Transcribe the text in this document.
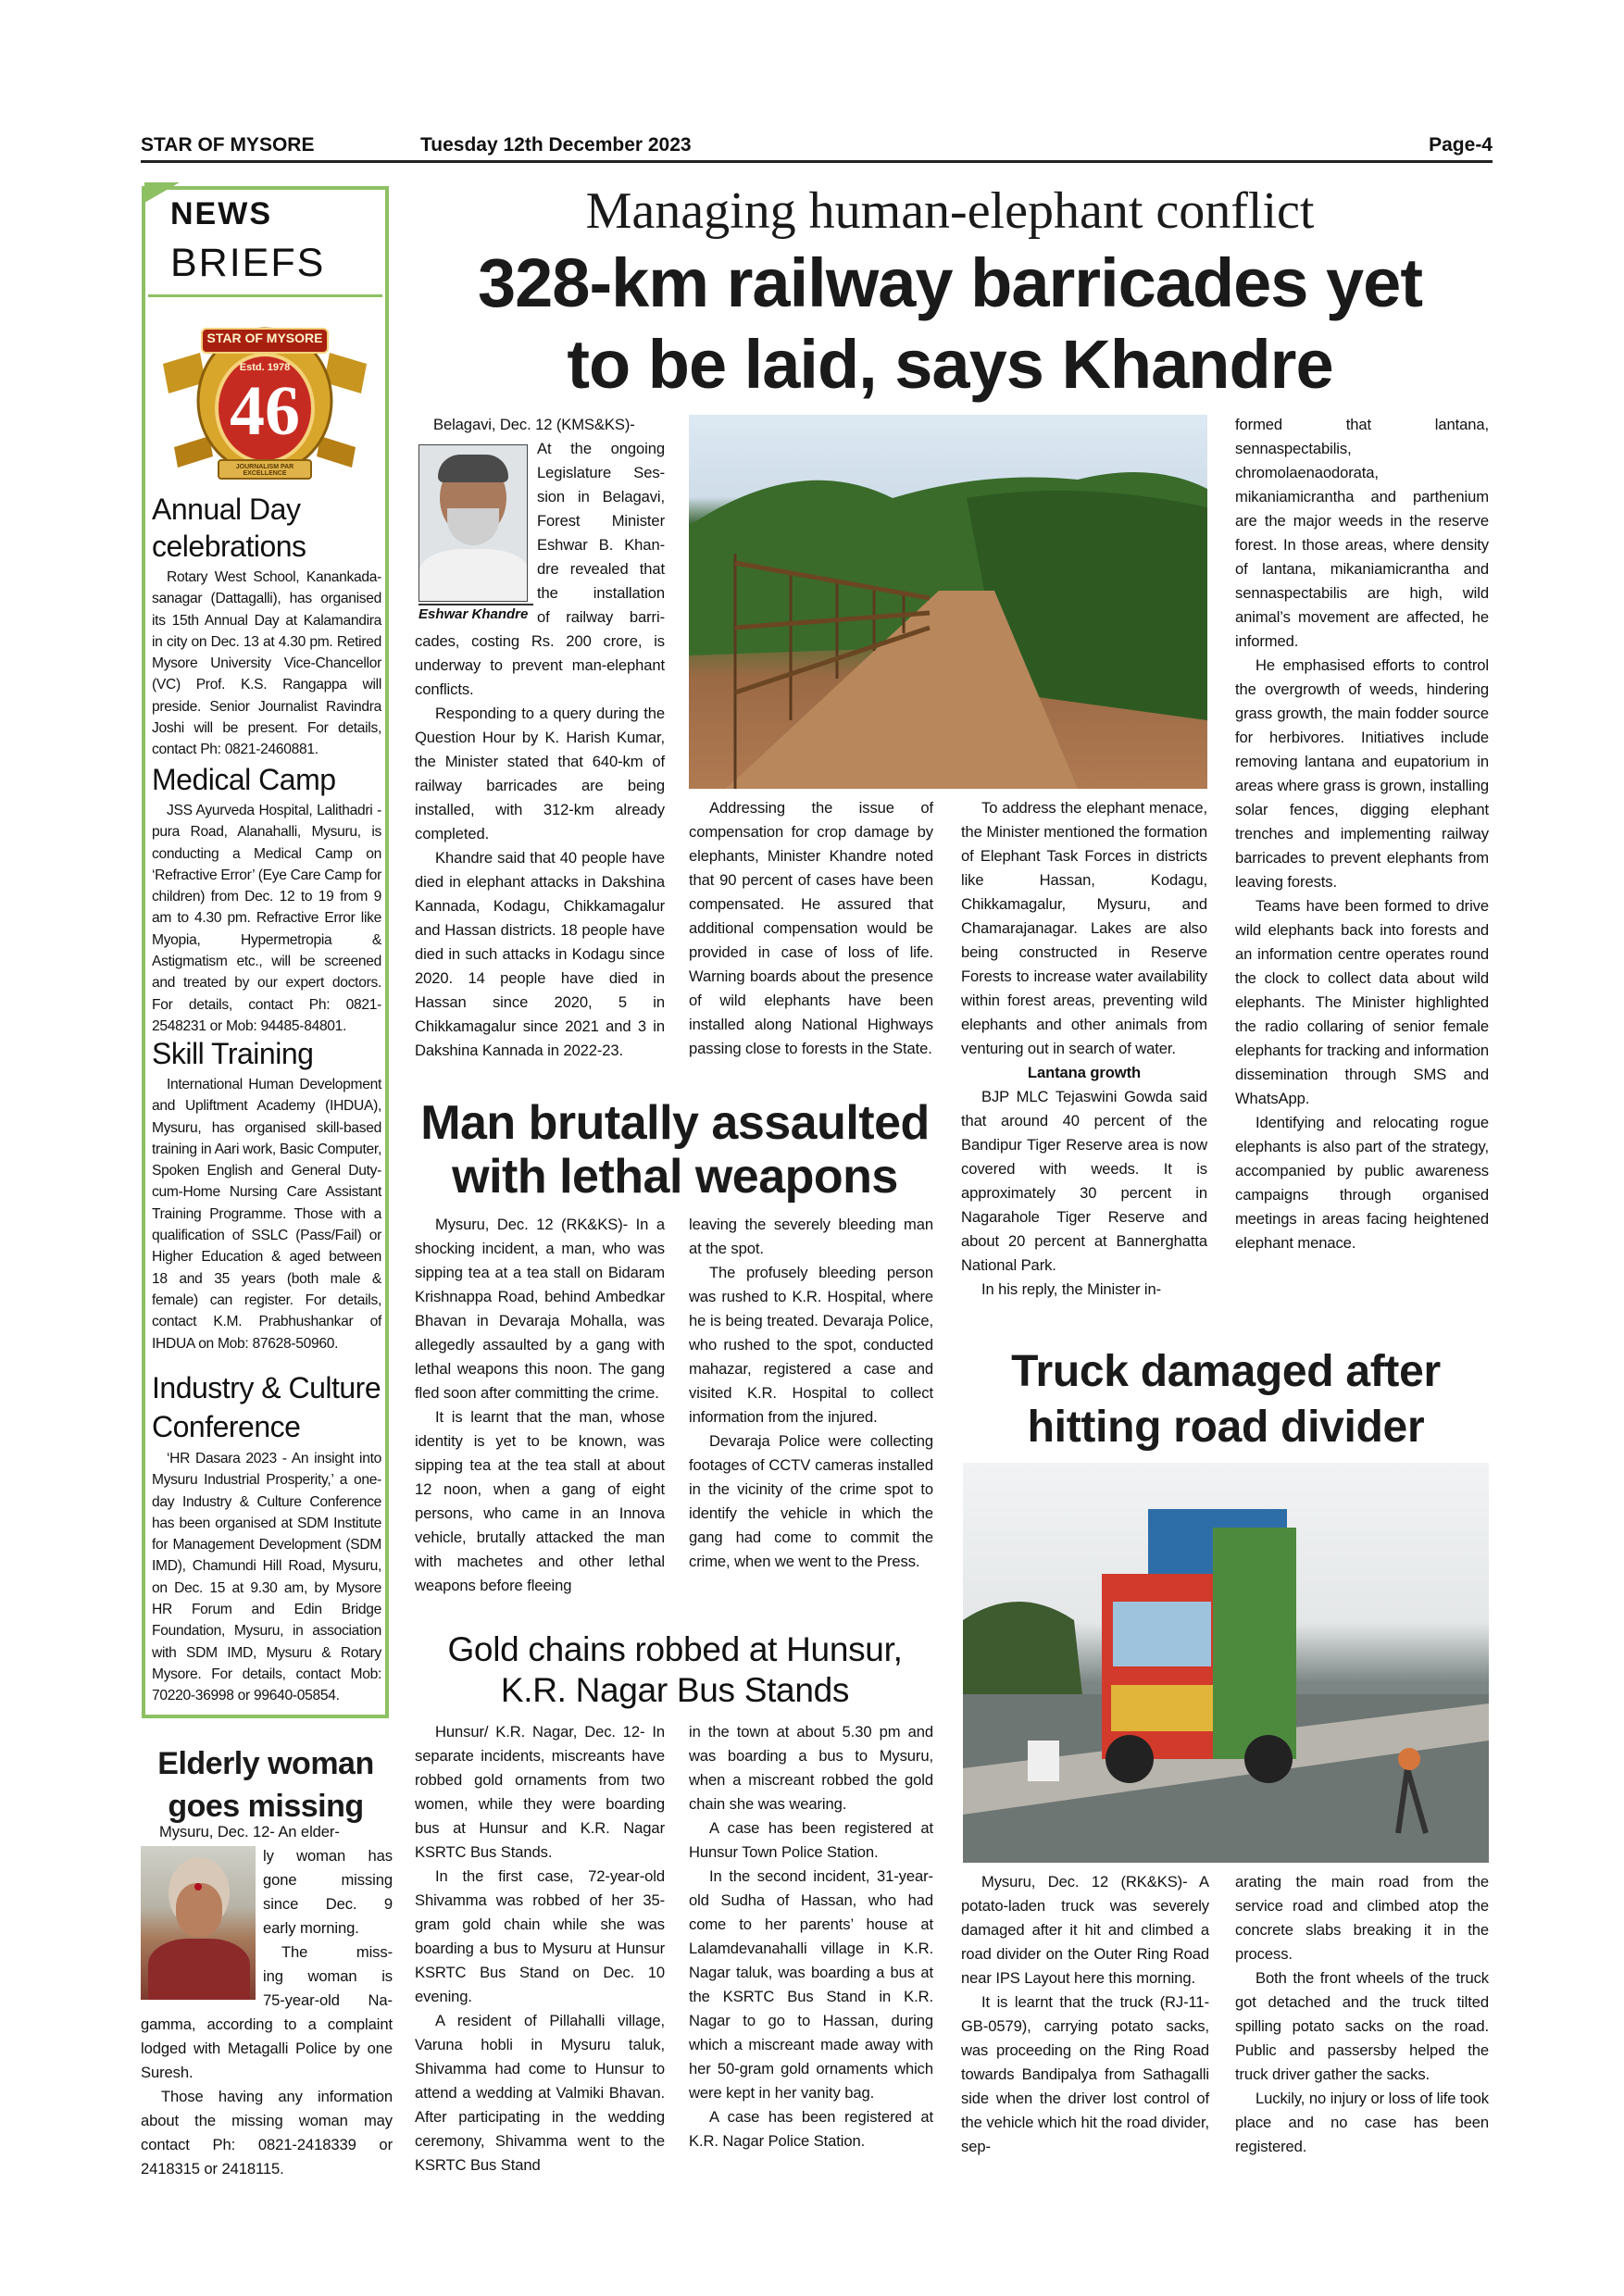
STAR OF MYSORE	Tuesday 12th December 2023	Page-4
NEWS
BRIEFS
STAR OF MYSORE
Estd. 1978
46
JOURNALISM PAR EXCELLENCE
Annual Day celebrations
Rotary West School, Kanankada-sanagar (Dattagalli), has organised its 15th Annual Day at Kalamandira in city on Dec. 13 at 4.30 pm. Retired Mysore University Vice-Chancellor (VC) Prof. K.S. Rangappa will preside. Senior Journalist Ravindra Joshi will be present. For details, contact Ph: 0821-2460881.
Medical Camp
JSS Ayurveda Hospital, Lalithadri -pura Road, Alanahalli, Mysuru, is conducting a Medical Camp on ‘Refractive Error’ (Eye Care Camp for children) from Dec. 12 to 19 from 9 am to 4.30 pm. Refractive Error like Myopia, Hypermetropia & Astigmatism etc., will be screened and treated by our expert doctors. For details, contact Ph: 0821-2548231 or Mob: 94485-84801.
Skill Training
International Human Development and Upliftment Academy (IHDUA), Mysuru, has organised skill-based training in Aari work, Basic Computer, Spoken English and General Duty-cum-Home Nursing Care Assistant Training Programme. Those with a qualification of SSLC (Pass/Fail) or Higher Education & aged between 18 and 35 years (both male & female) can register. For details, contact K.M. Prabhushankar of IHDUA on Mob: 87628-50960.
Industry & Culture Conference
‘HR Dasara 2023 - An insight into Mysuru Industrial Prosperity,’ a one-day Industry & Culture Conference has been organised at SDM Institute for Management Development (SDM IMD), Chamundi Hill Road, Mysuru, on Dec. 15 at 9.30 am, by Mysore HR Forum and Edin Bridge Foundation, Mysuru, in association with SDM IMD, Mysuru & Rotary Mysore. For details, contact Mob: 70220-36998 or 99640-05854.
Elderly woman goes missing
Mysuru, Dec. 12- An elder-
ly woman has
gone missing
since Dec. 9
early morning.
The miss-
ing woman is
75-year-old Na-
gamma, according to a complaint lodged with Metagalli Police by one Suresh.
Those having any information about the missing woman may contact Ph: 0821-2418339 or 2418315 or 2418115.
Managing human-elephant conflict
328-km railway barricades yet
to be laid, says Khandre
Eshwar Khandre
Belagavi, Dec. 12 (KMS&KS)-
At the ongoing
Legislature Ses-
sion in Belagavi,
Forest Minister
Eshwar B. Khan-
dre revealed that
the installation
of railway barri-
cades, costing Rs. 200 crore, is underway to prevent man-elephant conflicts.
Responding to a query during the Question Hour by K. Harish Kumar, the Minister stated that 640-km of railway barricades are being installed, with 312-km already completed.
Khandre said that 40 people have died in elephant attacks in Dakshina Kannada, Kodagu, Chikkamagalur and Hassan districts. 18 people have died in such attacks in Kodagu since 2020. 14 people have died in Hassan since 2020, 5 in Chikkamagalur since 2021 and 3 in Dakshina Kannada in 2022-23.
Addressing the issue of compensation for crop damage by elephants, Minister Khandre noted that 90 percent of cases have been compensated. He assured that additional compensation would be provided in case of loss of life. Warning boards about the presence of wild elephants have been installed along National Highways passing close to forests in the State.
To address the elephant menace, the Minister mentioned the formation of Elephant Task Forces in districts like Hassan, Kodagu, Chikkamagalur, Mysuru, and Chamarajanagar. Lakes are also being constructed in Reserve Forests to increase water availability within forest areas, preventing wild elephants and other animals from venturing out in search of water.
Lantana growth
BJP MLC Tejaswini Gowda said that around 40 percent of the Bandipur Tiger Reserve area is now covered with weeds. It is approximately 30 percent in Nagarahole Tiger Reserve and about 20 percent at Bannerghatta National Park.
In his reply, the Minister in-
formed that lantana, sennaspectabilis, chromolaenaodorata, mikaniamicrantha and parthenium are the major weeds in the reserve forest. In those areas, where density of lantana, mikaniamicrantha and sennaspectabilis are high, wild animal’s movement are affected, he informed.
He emphasised efforts to control the overgrowth of weeds, hindering grass growth, the main fodder source for herbivores. Initiatives include removing lantana and eupatorium in areas where grass is grown, installing solar fences, digging elephant trenches and implementing railway barricades to prevent elephants from leaving forests.
Teams have been formed to drive wild elephants back into forests and an information centre operates round the clock to collect data about wild elephants. The Minister highlighted the radio collaring of senior female elephants for tracking and information dissemination through SMS and WhatsApp.
Identifying and relocating rogue elephants is also part of the strategy, accompanied by public awareness campaigns through organised meetings in areas facing heightened elephant menace.
Man brutally assaulted
with lethal weapons
Mysuru, Dec. 12 (RK&KS)- In a shocking incident, a man, who was sipping tea at a tea stall on Bidaram Krishnappa Road, behind Ambedkar Bhavan in Devaraja Mohalla, was allegedly assaulted by a gang with lethal weapons this noon. The gang fled soon after committing the crime.
It is learnt that the man, whose identity is yet to be known, was sipping tea at the tea stall at about 12 noon, when a gang of eight persons, who came in an Innova vehicle, brutally attacked the man with machetes and other lethal weapons before fleeing
leaving the severely bleeding man at the spot.
The profusely bleeding person was rushed to K.R. Hospital, where he is being treated. Devaraja Police, who rushed to the spot, conducted mahazar, registered a case and visited K.R. Hospital to collect information from the injured.
Devaraja Police were collecting footages of CCTV cameras installed in the vicinity of the crime spot to identify the vehicle in which the gang had come to commit the crime, when we went to the Press.
Gold chains robbed at Hunsur,
K.R. Nagar Bus Stands
Hunsur/ K.R. Nagar, Dec. 12- In separate incidents, miscreants have robbed gold ornaments from two women, while they were boarding bus at Hunsur and K.R. Nagar KSRTC Bus Stands.
In the first case, 72-year-old Shivamma was robbed of her 35-gram gold chain while she was boarding a bus to Mysuru at Hunsur KSRTC Bus Stand on Dec. 10 evening.
A resident of Pillahalli village, Varuna hobli in Mysuru taluk, Shivamma had come to Hunsur to attend a wedding at Valmiki Bhavan. After participating in the wedding ceremony, Shivamma went to the KSRTC Bus Stand
in the town at about 5.30 pm and was boarding a bus to Mysuru, when a miscreant robbed the gold chain she was wearing.
A case has been registered at Hunsur Town Police Station.
In the second incident, 31-year-old Sudha of Hassan, who had come to her parents’ house at Lalamdevanahalli village in K.R. Nagar taluk, was boarding a bus at the KSRTC Bus Stand in K.R. Nagar to go to Hassan, during which a miscreant made away with her 50-gram gold ornaments which were kept in her vanity bag.
A case has been registered at K.R. Nagar Police Station.
Truck damaged after
hitting road divider
Mysuru, Dec. 12 (RK&KS)- A potato-laden truck was severely damaged after it hit and climbed a road divider on the Outer Ring Road near IPS Layout here this morning.
It is learnt that the truck (RJ-11-GB-0579), carrying potato sacks, was proceeding on the Ring Road towards Bandipalya from Sathagalli side when the driver lost control of the vehicle which hit the road divider, sep-
arating the main road from the service road and climbed atop the concrete slabs breaking it in the process.
Both the front wheels of the truck got detached and the truck tilted spilling potato sacks on the road. Public and passersby helped the truck driver gather the sacks.
Luckily, no injury or loss of life took place and no case has been registered.
